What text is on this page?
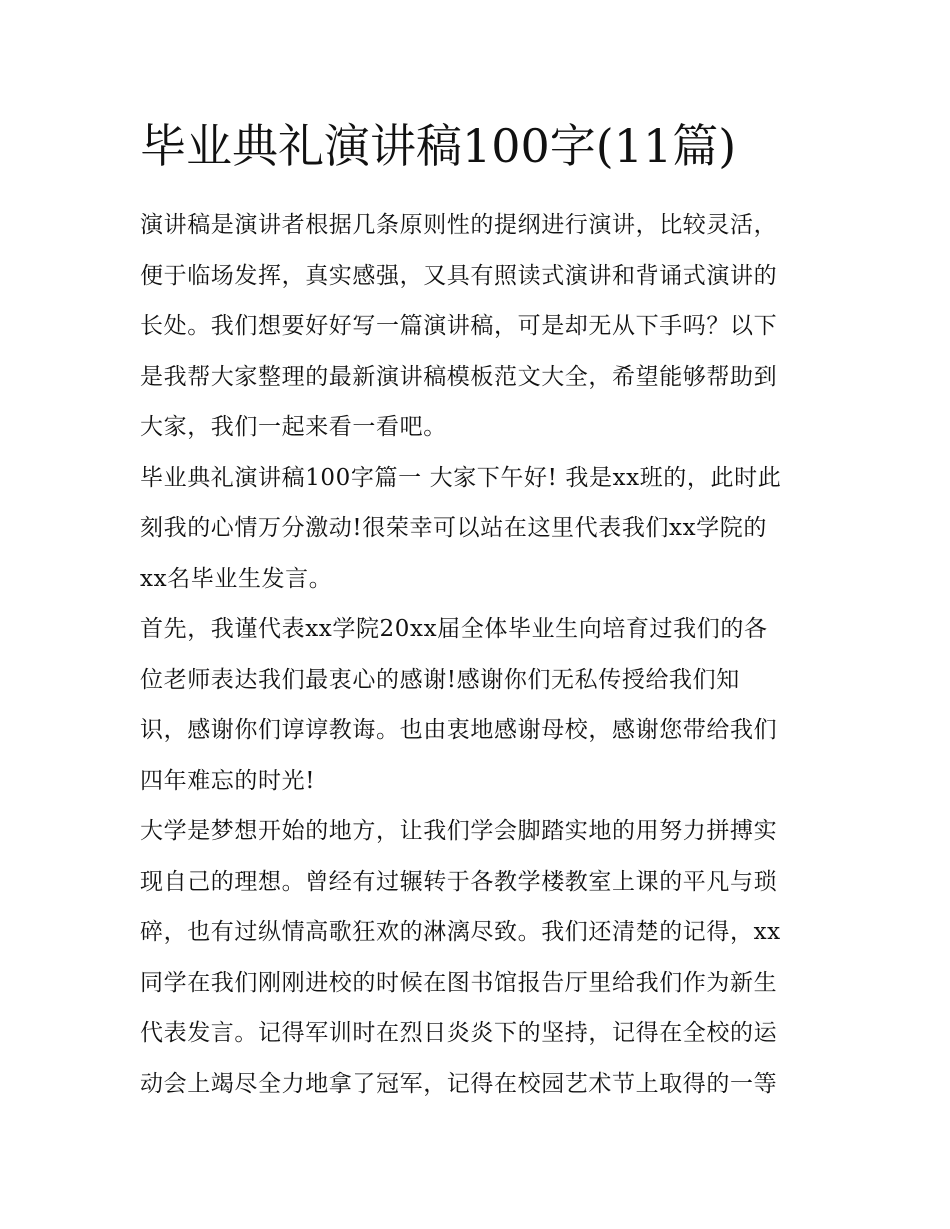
毕业典礼演讲稿100字(11篇)

演讲稿是演讲者根据几条原则性的提纲进行演讲，比较灵活，
便于临场发挥，真实感强，又具有照读式演讲和背诵式演讲的
长处。我们想要好好写一篇演讲稿，可是却无从下手吗？以下
是我帮大家整理的最新演讲稿模板范文大全，希望能够帮助到
大家，我们一起来看一看吧。

毕业典礼演讲稿100字篇一 大家下午好! 我是xx班的，此时此
刻我的心情万分激动!很荣幸可以站在这里代表我们xx学院的
xx名毕业生发言。

首先，我谨代表xx学院20xx届全体毕业生向培育过我们的各
位老师表达我们最衷心的感谢!感谢你们无私传授给我们知
识，感谢你们谆谆教诲。也由衷地感谢母校，感谢您带给我们
四年难忘的时光!

大学是梦想开始的地方，让我们学会脚踏实地的用努力拼搏实
现自己的理想。曾经有过辗转于各教学楼教室上课的平凡与琐
碎，也有过纵情高歌狂欢的淋漓尽致。我们还清楚的记得，xx
同学在我们刚刚进校的时候在图书馆报告厅里给我们作为新生
代表发言。记得军训时在烈日炎炎下的坚持，记得在全校的运
动会上竭尽全力地拿了冠军，记得在校园艺术节上取得的一等
